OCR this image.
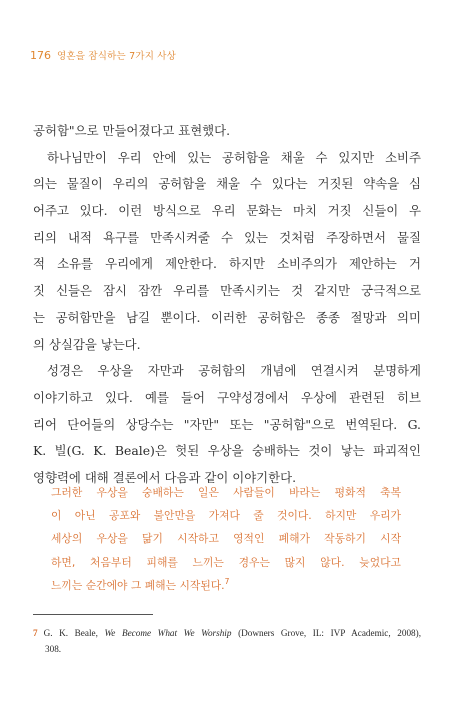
176 영혼을 잠식하는 7가지 사상
공허함"으로 만들어졌다고 표현했다.
하나님만이 우리 안에 있는 공허함을 채울 수 있지만 소비주
의는 물질이 우리의 공허함을 채울 수 있다는 거짓된 약속을 심
어주고 있다. 이런 방식으로 우리 문화는 마치 거짓 신들이 우
리의 내적 욕구를 만족시켜줄 수 있는 것처럼 주장하면서 물질
적 소유를 우리에게 제안한다. 하지만 소비주의가 제안하는 거
짓 신들은 잠시 잠깐 우리를 만족시키는 것 같지만 궁극적으로
는 공허함만을 남길 뿐이다. 이러한 공허함은 종종 절망과 의미
의 상실감을 낳는다.
성경은 우상을 자만과 공허함의 개념에 연결시켜 분명하게
이야기하고 있다. 예를 들어 구약성경에서 우상에 관련된 히브
리어 단어들의 상당수는 "자만" 또는 "공허함"으로 번역된다. G.
K. 빌(G. K. Beale)은 헛된 우상을 숭배하는 것이 낳는 파괴적인
영향력에 대해 결론에서 다음과 같이 이야기한다.
그러한 우상을 숭배하는 일은 사람들이 바라는 평화적 축복
이 아닌 공포와 불안만을 가져다 줄 것이다. 하지만 우리가
세상의 우상을 닮기 시작하고 영적인 폐해가 작동하기 시작
하면, 처음부터 피해를 느끼는 경우는 많지 않다. 늦었다고
느끼는 순간에야 그 폐해는 시작된다.$^7$
7 G. K. Beale, We Become What We Worship (Downers Grove, IL: IVP Academic, 2008),
308.
